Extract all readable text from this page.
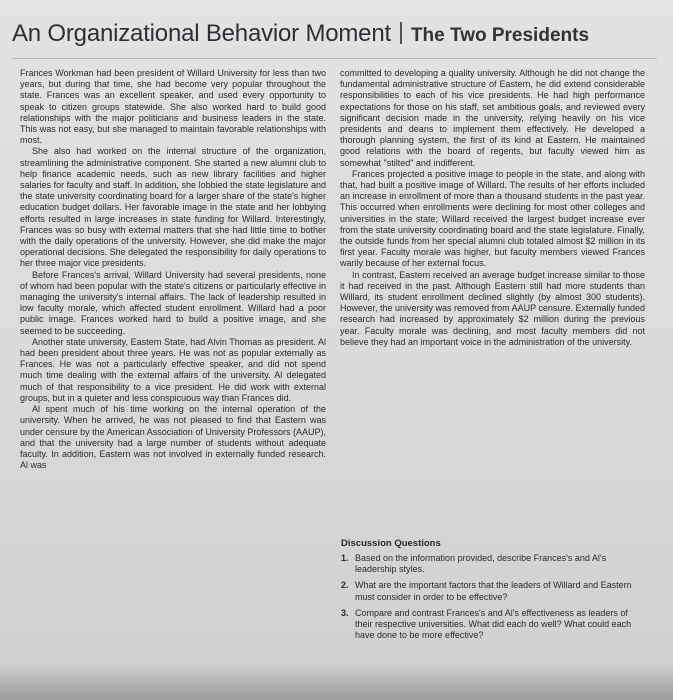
An Organizational Behavior Moment The Two Presidents

Frances Workman had been president of Willard University for less than two years, but during that time, she had become very popular throughout the state. Frances was an excellent speaker, and used every opportunity to speak to citizen groups statewide. She also worked hard to build good relationships with the major politicians and business leaders in the state. This was not easy, but she managed to maintain favorable relationships with most.

She also had worked on the internal structure of the organization, streamlining the administrative component. She started a new alumni club to help finance academic needs, such as new library facilities and higher salaries for faculty and staff. In addition, she lobbied the state legislature and the state university coordinating board for a larger share of the state's higher education budget dollars. Her favorable image in the state and her lobbying efforts resulted in large increases in state funding for Willard. Interestingly, Frances was so busy with external matters that she had little time to bother with the daily operations of the university. However, she did make the major operational decisions. She delegated the responsibility for daily operations to her three major vice presidents.

Before Frances's arrival, Willard University had several presidents, none of whom had been popular with the state's citizens or particularly effective in managing the university's internal affairs. The lack of leadership resulted in low faculty morale, which affected student enrollment. Willard had a poor public image. Frances worked hard to build a positive image, and she seemed to be succeeding.

Another state university, Eastern State, had Alvin Thomas as president. Al had been president about three years. He was not as popular externally as Frances. He was not a particularly effective speaker, and did not spend much time dealing with the external affairs of the university. Al delegated much of that responsibility to a vice president. He did work with external groups, but in a quieter and less conspicuous way than Frances did.

Al spent much of his time working on the internal operation of the university. When he arrived, he was not pleased to find that Eastern was under censure by the American Association of University Professors (AAUP), and that the university had a large number of students without adequate faculty. In addition, Eastern was not involved in externally funded research. Al was

committed to developing a quality university. Although he did not change the fundamental administrative structure of Eastern, he did extend considerable responsibilities to each of his vice presidents. He had high performance expectations for those on his staff, set ambitious goals, and reviewed every significant decision made in the university, relying heavily on his vice presidents and deans to implement them effectively. He developed a thorough planning system, the first of its kind at Eastern. He maintained good relations with the board of regents, but faculty viewed him as somewhat "stilted" and indifferent.

Frances projected a positive image to people in the state, and along with that, had built a positive image of Willard. The results of her efforts included an increase in enrollment of more than a thousand students in the past year. This occurred when enrollments were declining for most other colleges and universities in the state; Willard received the largest budget increase ever from the state university coordinating board and the state legislature. Finally, the outside funds from her special alumni club totaled almost $2 million in its first year. Faculty morale was higher, but faculty members viewed Frances warily because of her external focus.

In contrast, Eastern received an average budget increase similar to those it had received in the past. Although Eastern still had more students than Willard, its student enrollment declined slightly (by almost 300 students). However, the university was removed from AAUP censure. Externally funded research had increased by approximately $2 million during the previous year. Faculty morale was declining, and most faculty members did not believe they had an important voice in the administration of the university.

Discussion Questions
1. Based on the information provided, describe Frances's and Al's leadership styles.
2. What are the important factors that the leaders of Willard and Eastern must consider in order to be effective?
3. Compare and contrast Frances's and Al's effectiveness as leaders of their respective universities. What did each do well? What could each have done to be more effective?
